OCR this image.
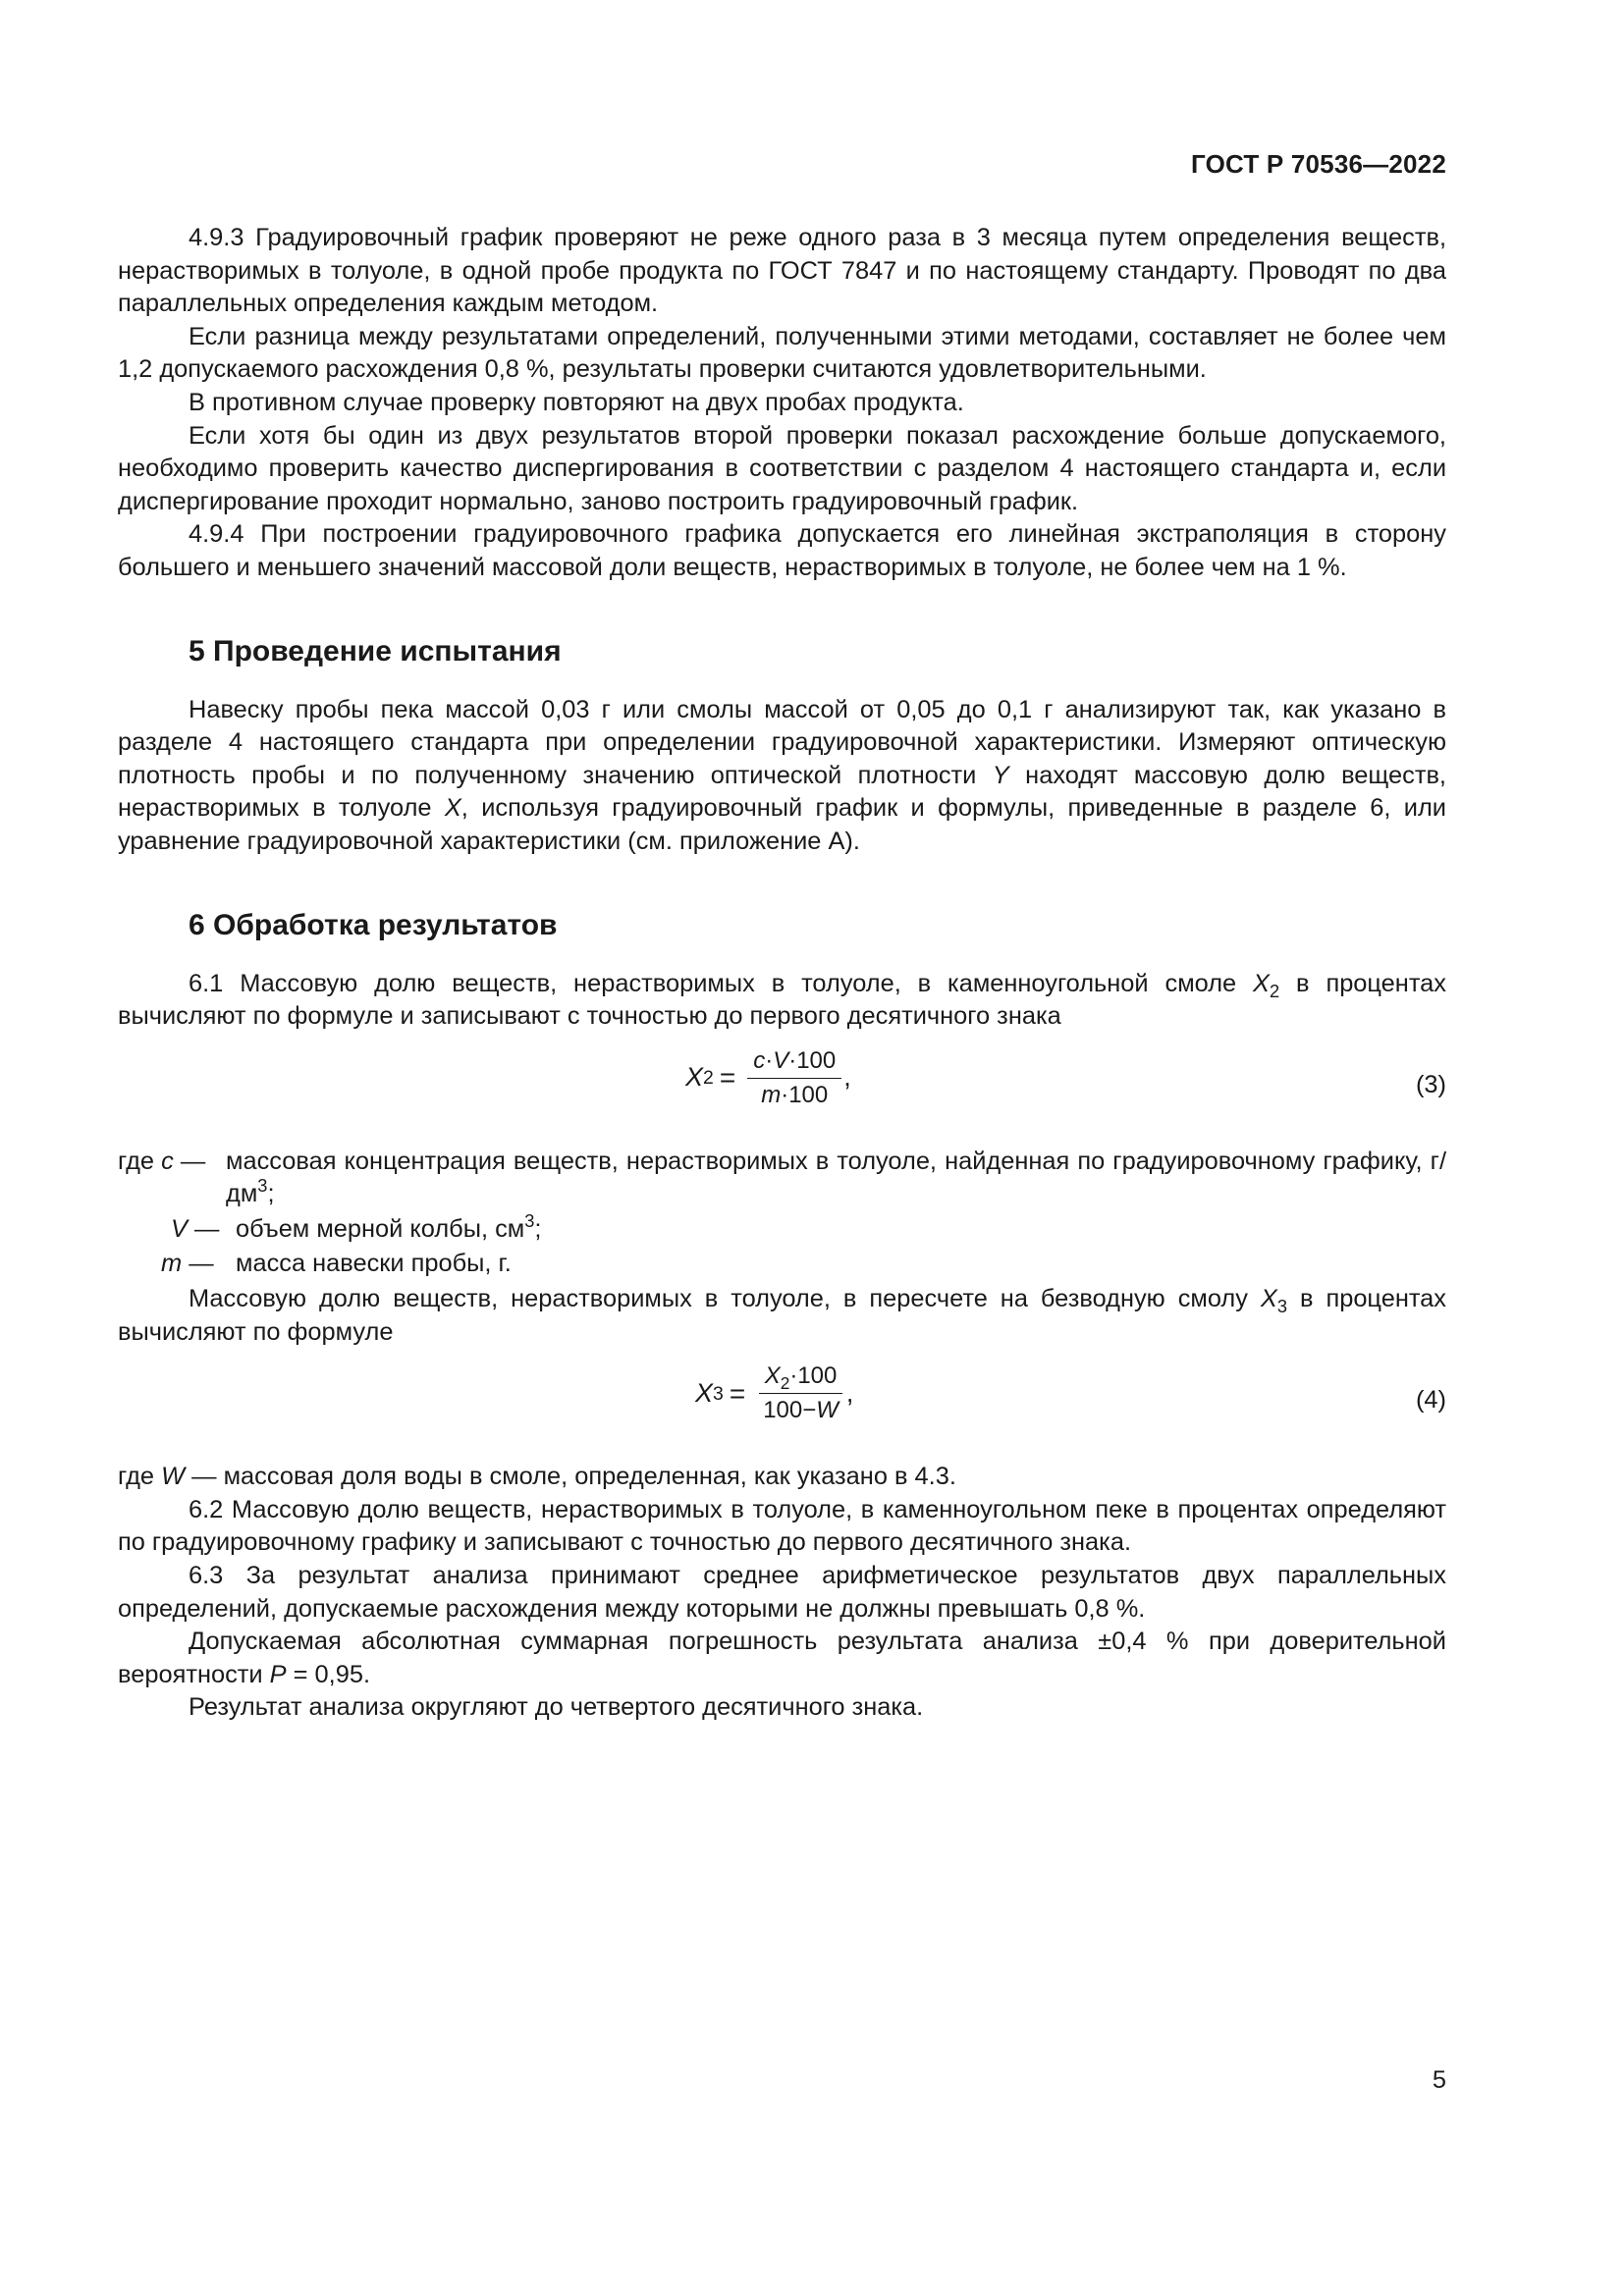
ГОСТ Р 70536—2022

4.9.3 Градуировочный график проверяют не реже одного раза в 3 месяца путем определения веществ, нерастворимых в толуоле, в одной пробе продукта по ГОСТ 7847 и по настоящему стандарту. Проводят по два параллельных определения каждым методом.

Если разница между результатами определений, полученными этими методами, составляет не более чем 1,2 допускаемого расхождения 0,8 %, результаты проверки считаются удовлетворительными.

В противном случае проверку повторяют на двух пробах продукта.

Если хотя бы один из двух результатов второй проверки показал расхождение больше допускаемого, необходимо проверить качество диспергирования в соответствии с разделом 4 настоящего стандарта и, если диспергирование проходит нормально, заново построить градуировочный график.

4.9.4 При построении градуировочного графика допускается его линейная экстраполяция в сторону большего и меньшего значений массовой доли веществ, нерастворимых в толуоле, не более чем на 1 %.

5 Проведение испытания

Навеску пробы пека массой 0,03 г или смолы массой от 0,05 до 0,1 г анализируют так, как указано в разделе 4 настоящего стандарта при определении градуировочной характеристики. Измеряют оптическую плотность пробы и по полученному значению оптической плотности Y находят массовую долю веществ, нерастворимых в толуоле X, используя градуировочный график и формулы, приведенные в разделе 6, или уравнение градуировочной характеристики (см. приложение А).

6 Обработка результатов

6.1 Массовую долю веществ, нерастворимых в толуоле, в каменноугольной смоле $X_2$ в процентах вычисляют по формуле и записывают с точностью до первого десятичного знака

X $2 = \frac{c\cdot V\cdot 100}{m\cdot 100}$ ,	(3)
где c — массовая концентрация веществ, нерастворимых в толуоле, найденная по градуировочному графику, $г/дм^3$;
V — объем мерной колбы, $см^3$;
m — масса навески пробы, г.

Массовую долю веществ, нерастворимых в толуоле, в пересчете на безводную смолу $X_3$ в процентах вычисляют по формуле

X $3 = \frac{X_2\cdot 100}{100-W}$ ,	(4)

где W — массовая доля воды в смоле, определенная, как указано в 4.3.

6.2 Массовую долю веществ, нерастворимых в толуоле, в каменноугольном пеке в процентах определяют по градуировочному графику и записывают с точностью до первого десятичного знака.

6.3 За результат анализа принимают среднее арифметическое результатов двух параллельных определений, допускаемые расхождения между которыми не должны превышать 0,8 %.

Допускаемая абсолютная суммарная погрешность результата анализа ±0,4 % при доверительной вероятности P = 0,95.

Результат анализа округляют до четвертого десятичного знака.

5
